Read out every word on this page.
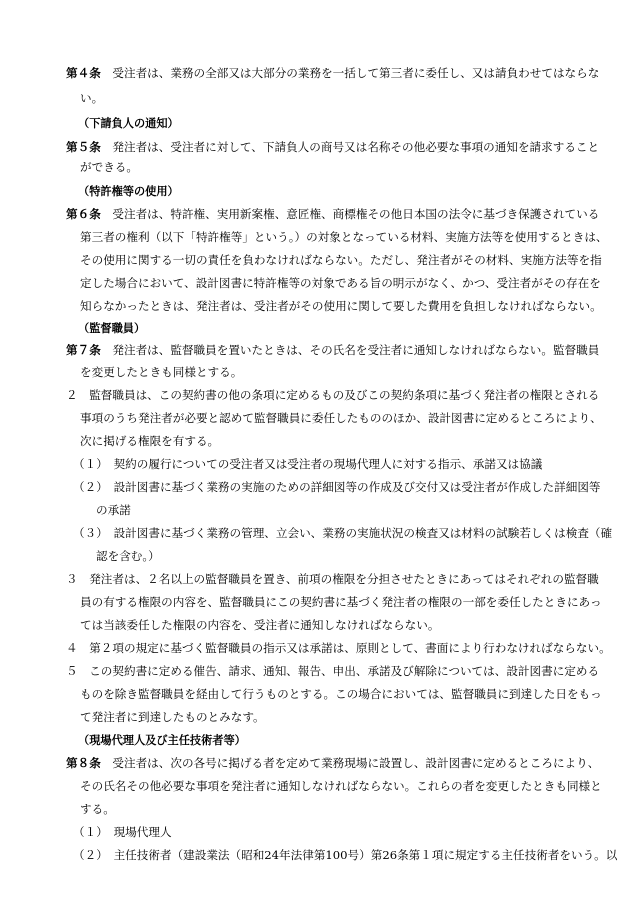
第４条　受注者は、業務の全部又は大部分の業務を一括して第三者に委任し、又は請負わせてはならな
い。
（下請負人の通知）
第５条　発注者は、受注者に対して、下請負人の商号又は名称その他必要な事項の通知を請求すること
ができる。
（特許権等の使用）
第６条　受注者は、特許権、実用新案権、意匠権、商標権その他日本国の法令に基づき保護されている
第三者の権利（以下「特許権等」という。）の対象となっている材料、実施方法等を使用するときは、
その使用に関する一切の責任を負わなければならない。ただし、発注者がその材料、実施方法等を指
定した場合において、設計図書に特許権等の対象である旨の明示がなく、かつ、受注者がその存在を
知らなかったときは、発注者は、受注者がその使用に関して要した費用を負担しなければならない。
（監督職員）
第７条　発注者は、監督職員を置いたときは、その氏名を受注者に通知しなければならない。監督職員
を変更したときも同様とする。
２　監督職員は、この契約書の他の条項に定めるもの及びこの契約条項に基づく発注者の権限とされる
事項のうち発注者が必要と認めて監督職員に委任したもののほか、設計図書に定めるところにより、
次に掲げる権限を有する。
（１）　契約の履行についての受注者又は受注者の現場代理人に対する指示、承諾又は協議
（２）　設計図書に基づく業務の実施のための詳細図等の作成及び交付又は受注者が作成した詳細図等
の承諾
（３）　設計図書に基づく業務の管理、立会い、業務の実施状況の検査又は材料の試験若しくは検査（確
認を含む。）
３　発注者は、２名以上の監督職員を置き、前項の権限を分担させたときにあってはそれぞれの監督職
員の有する権限の内容を、監督職員にこの契約書に基づく発注者の権限の一部を委任したときにあっ
ては当該委任した権限の内容を、受注者に通知しなければならない。
４　第２項の規定に基づく監督職員の指示又は承諾は、原則として、書面により行わなければならない。
５　この契約書に定める催告、請求、通知、報告、申出、承諾及び解除については、設計図書に定める
ものを除き監督職員を経由して行うものとする。この場合においては、監督職員に到達した日をもっ
て発注者に到達したものとみなす。
（現場代理人及び主任技術者等）
第８条　受注者は、次の各号に掲げる者を定めて業務現場に設置し、設計図書に定めるところにより、
その氏名その他必要な事項を発注者に通知しなければならない。これらの者を変更したときも同様と
する。
（１）　現場代理人
（２）　主任技術者（建設業法（昭和24年法律第100号）第26条第１項に規定する主任技術者をいう。以
